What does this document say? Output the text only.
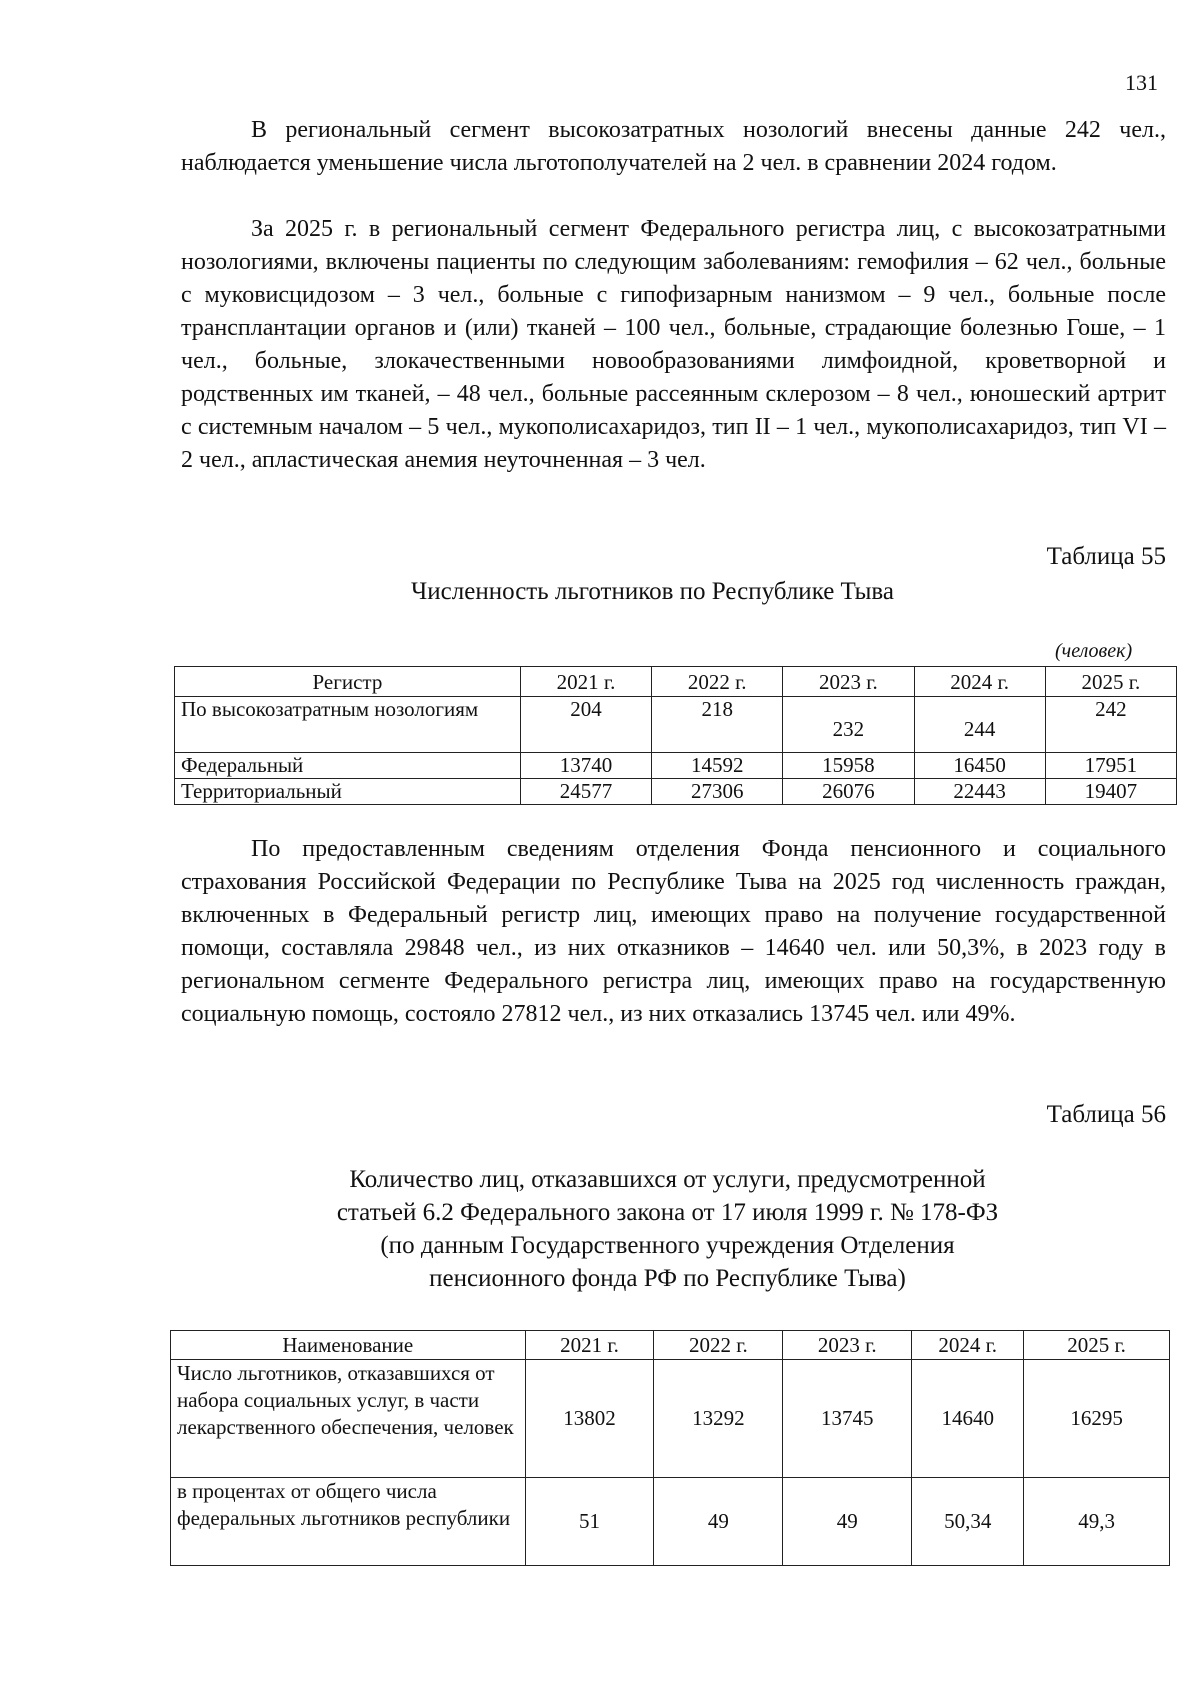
131

В региональный сегмент высокозатратных нозологий внесены данные 242 чел., наблюдается уменьшение числа льготополучателей на 2 чел. в сравнении 2024 годом.

За 2025 г. в региональный сегмент Федерального регистра лиц, с высокозатратными нозологиями, включены пациенты по следующим заболеваниям: гемофилия – 62 чел., больные с муковисцидозом – 3 чел., больные с гипофизарным нанизмом – 9 чел., больные после трансплантации органов и (или) тканей – 100 чел., больные, страдающие болезнью Гоше, – 1 чел., больные, злокачественными новообразованиями лимфоидной, кроветворной и родственных им тканей, – 48 чел., больные рассеянным склерозом – 8 чел., юношеский артрит с системным началом – 5 чел., мукополисахаридоз, тип II – 1 чел., мукополисахаридоз, тип VI – 2 чел., апластическая анемия неуточненная – 3 чел.

Таблица 55

Численность льготников по Республике Тыва

(человек)
Регистр	2021 г.	2022 г.	2023 г.	2024 г.	2025 г.
По высокозатратным нозологиям	204	218	232	244	242
Федеральный	13740	14592	15958	16450	17951
Территориальный	24577	27306	26076	22443	19407

По предоставленным сведениям отделения Фонда пенсионного и социального страхования Российской Федерации по Республике Тыва на 2025 год численность граждан, включенных в Федеральный регистр лиц, имеющих право на получение государственной помощи, составляла 29848 чел., из них отказников – 14640 чел. или 50,3%, в 2023 году в региональном сегменте Федерального регистра лиц, имеющих право на государственную социальную помощь, состояло 27812 чел., из них отказались 13745 чел. или 49%.

Таблица 56
Количество лиц, отказавшихся от услуги, предусмотренной
статьей 6.2 Федерального закона от 17 июля 1999 г. № 178-ФЗ
(по данным Государственного учреждения Отделения
пенсионного фонда РФ по Республике Тыва)
Наименование	2021 г.	2022 г.	2023 г.	2024 г.	2025 г.
Число льготников, отказавшихся от набора социальных услуг, в части лекарственного обеспечения, человек	13802	13292	13745	14640	16295
в процентах от общего числа федеральных льготников республики	51	49	49	50,34	49,3
